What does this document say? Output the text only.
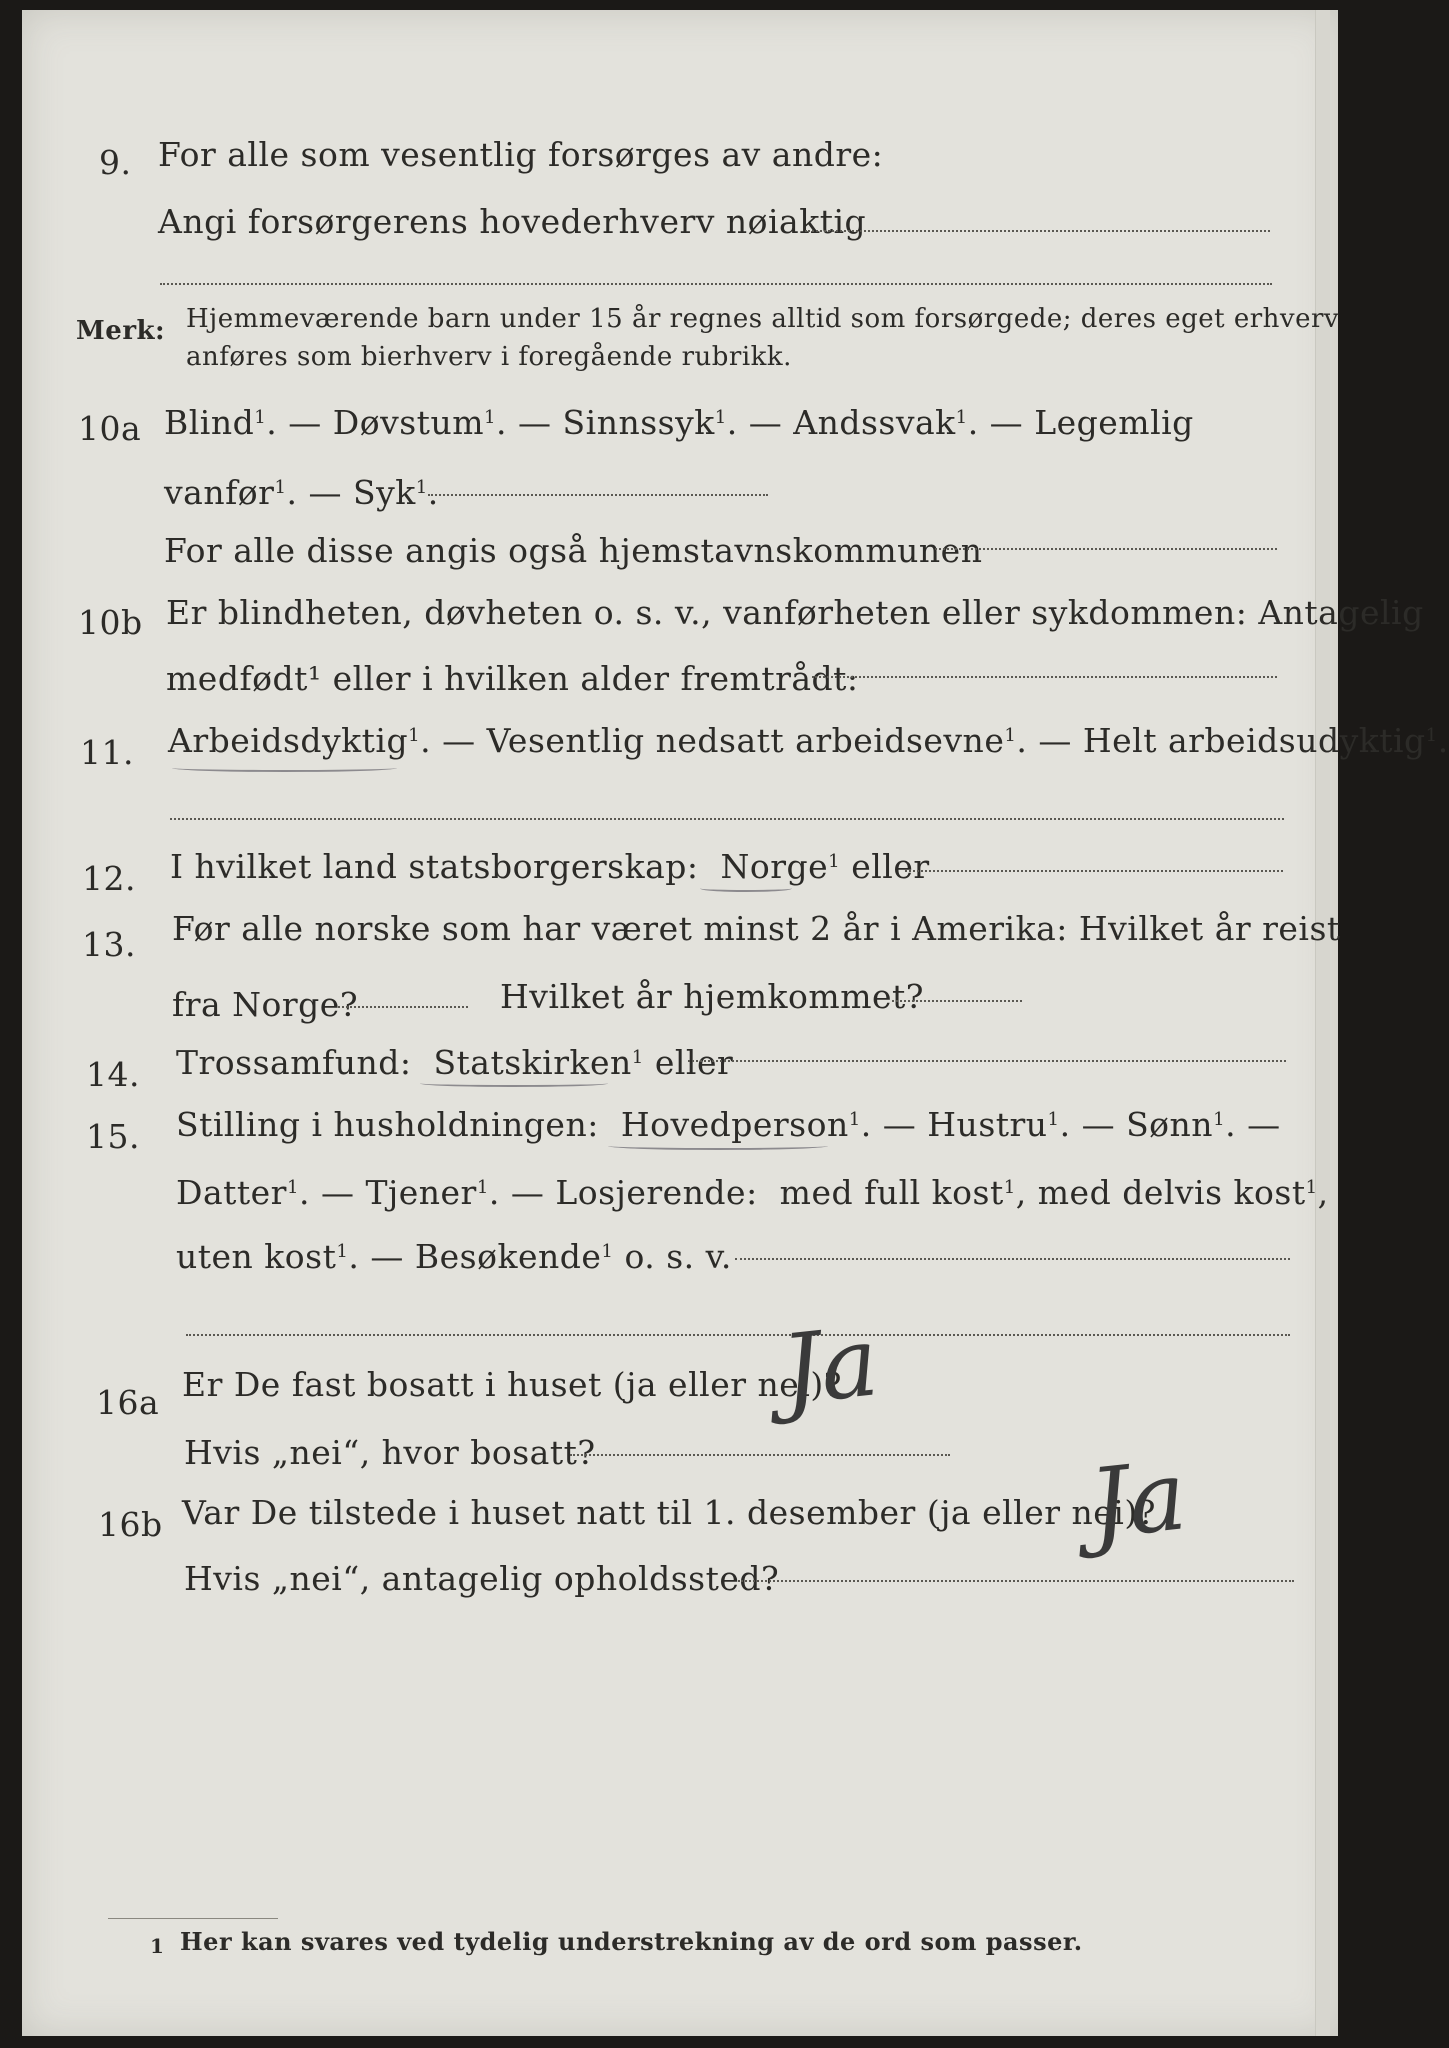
9. For alle som vesentlig forsørges av andre:
Angi forsørgerens hovederhverv nøiaktig
Merk: Hjemmeværende barn under 15 år regnes alltid som forsørgede; deres eget erhverv
anføres som bierhverv i foregående rubrikk.
10a Blind$^1$. — Døvstum$^1$. — Sinnssyk$^1$. — Andssvak$^1$. — Legemlig
vanfør$^1$. — Syk$^1$.
For alle disse angis også hjemstavnskommunen
10b Er blindheten, døvheten o. s. v., vanførheten eller sykdommen: Antagelig
medfødt¹ eller i hvilken alder fremtrådt:
11. Arbeidsdyktig$^1$. — Vesentlig nedsatt arbeidsevne$^1$. — Helt arbeidsudyktig$^1$.
12. I hvilket land statsborgerskap: Norge$^1$ eller
13. Før alle norske som har været minst 2 år i Amerika: Hvilket år reist
fra Norge?	Hvilket år hjemkommet?
14. Trossamfund: Statskirken$^1$ eller
15. Stilling i husholdningen: Hovedperson$^1$. — Hustru$^1$. — Sønn$^1$. —
Datter$^1$. — Tjener$^1$. — Losjerende: med full kost$^1$, med delvis kost$^1$,
uten kost$^1$. — Besøkende$^1$ o. s. v.
16a Er De fast bosatt i huset (ja eller nei)?
Ja
Hvis „nei“, hvor bosatt?
16b Var De tilstede i huset natt til 1. desember (ja eller nei)?
Ja
Hvis „nei“, antagelig opholdssted?
1 Her kan svares ved tydelig understrekning av de ord som passer.
